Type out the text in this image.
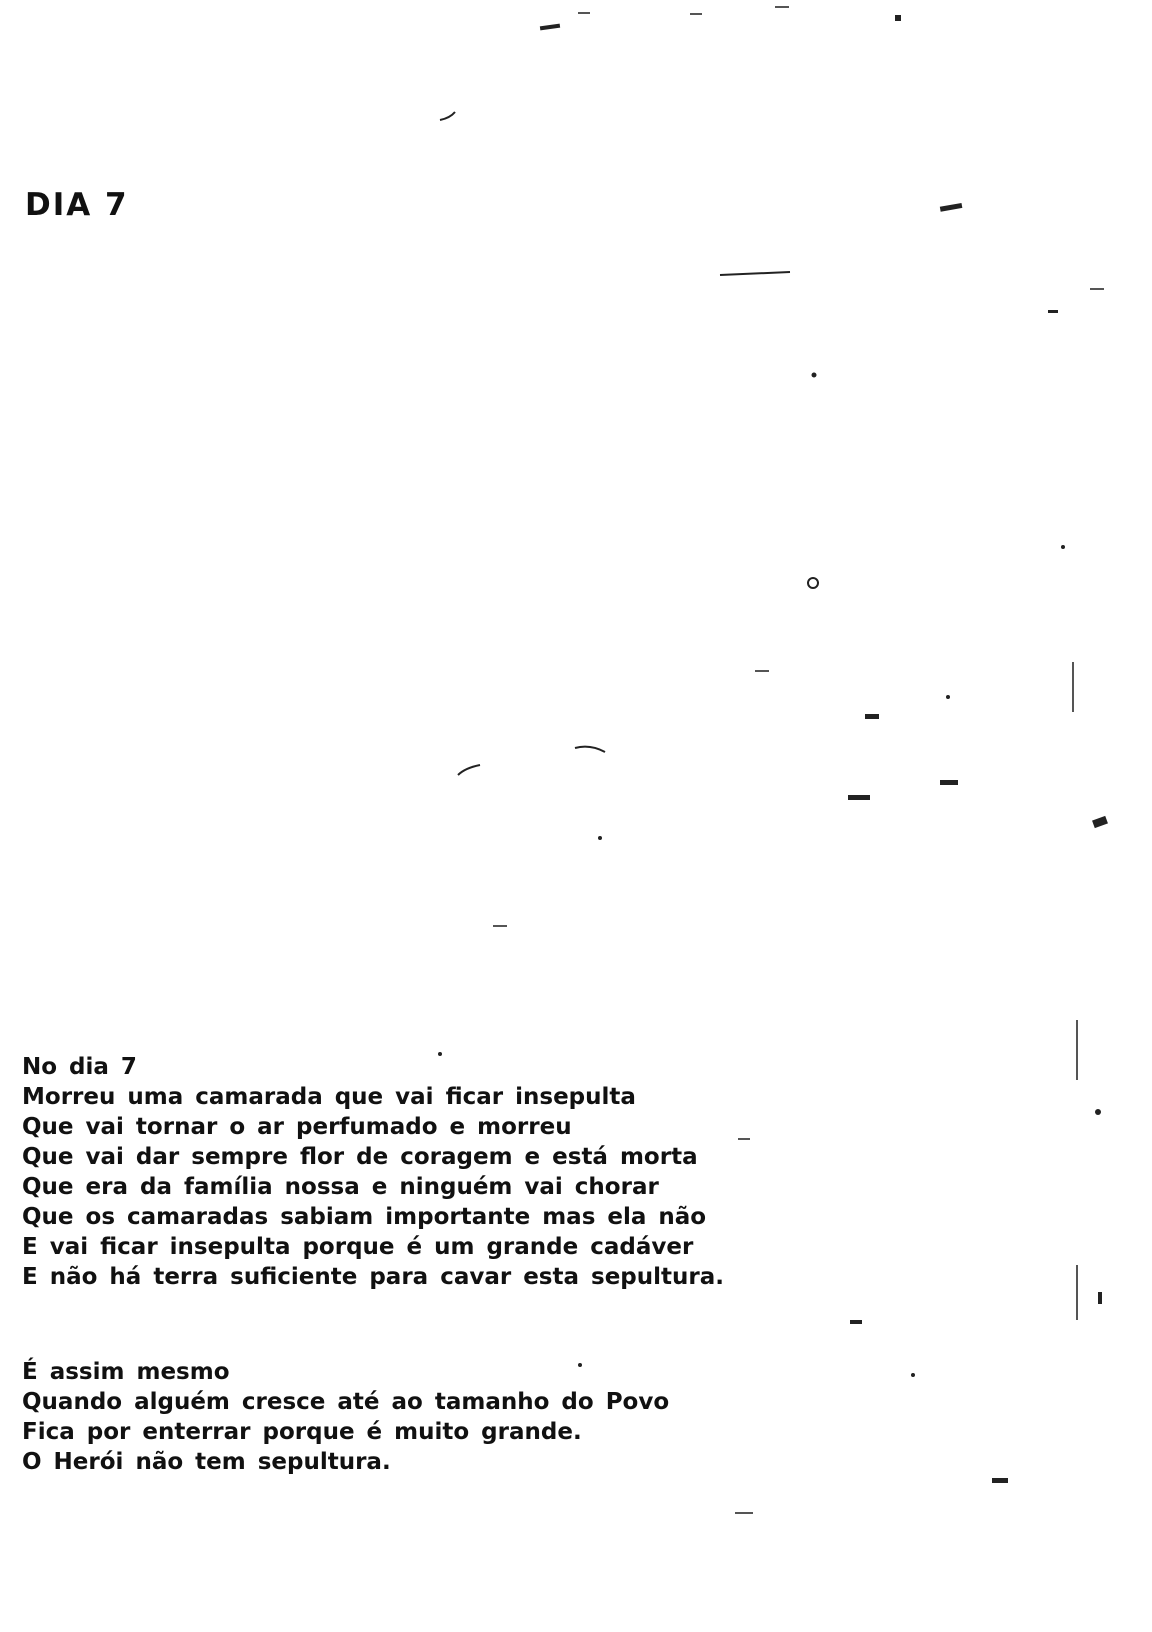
DIA 7
No dia 7
Morreu uma camarada que vai ficar insepulta
Que vai tornar o ar perfumado e morreu
Que vai dar sempre flor de coragem e está morta
Que era da família nossa e ninguém vai chorar
Que os camaradas sabiam importante mas ela não
E vai ficar insepulta porque é um grande cadáver
E não há terra suficiente para cavar esta sepultura.
É assim mesmo
Quando alguém cresce até ao tamanho do Povo
Fica por enterrar porque é muito grande.
O Herói não tem sepultura.
